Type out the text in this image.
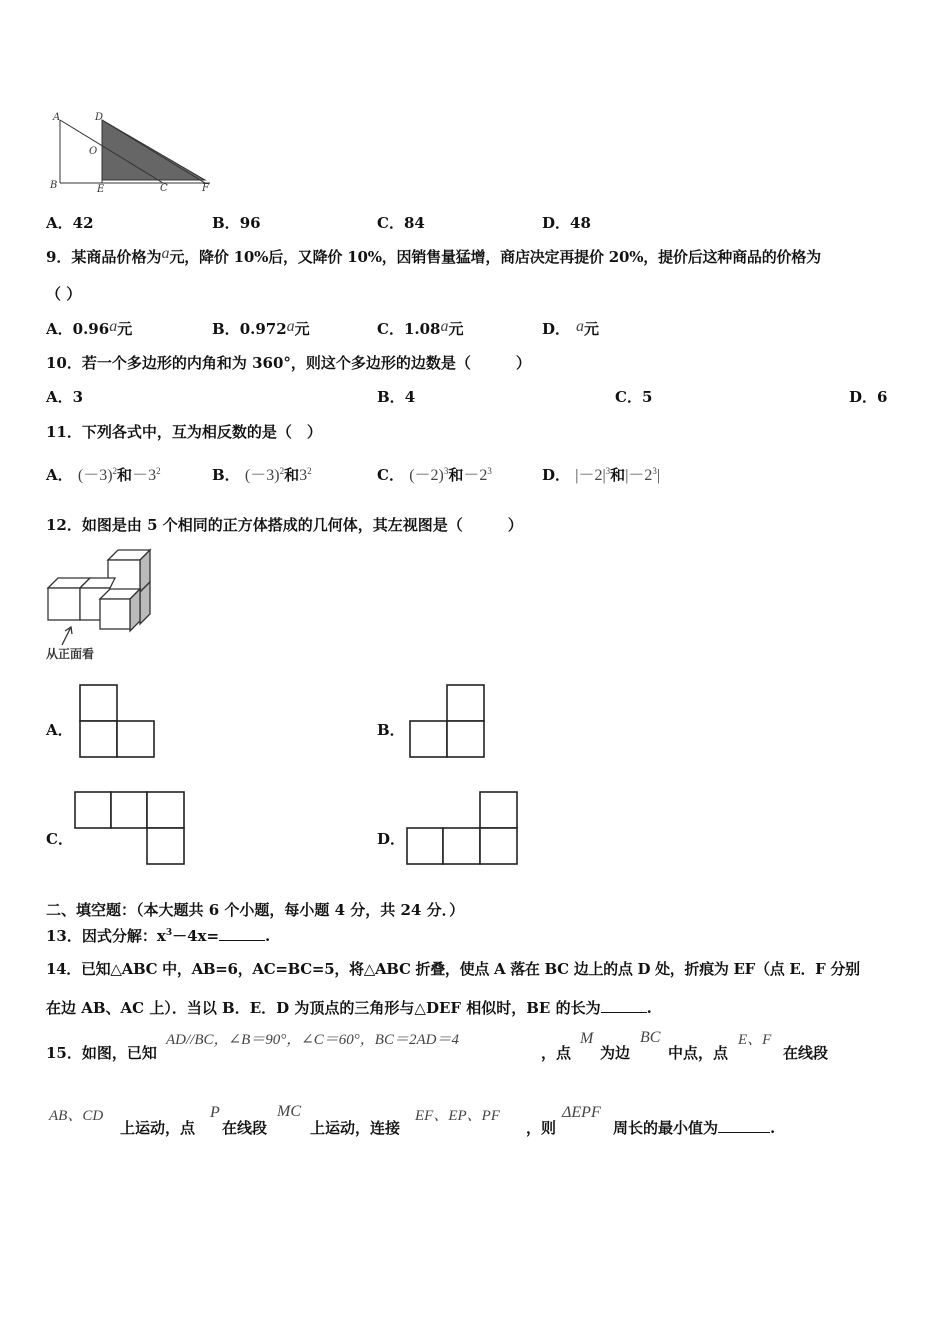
A	D
O
B	E	C	F
A．42	B．96	C．84	D．48
9．某商品价格为a元，降价 10%后，又降价 10%，因销售量猛增，商店决定再提价 20%，提价后这种商品的价格为
（ ）
A．0.96a元	B．0.972a元	C．1.08a元	D． a元
10．若一个多边形的内角和为 360°，则这个多边形的边数是（　　　）
A．3	B．4	C．5	D．6
11．下列各式中，互为相反数的是（　）
A． $(-3)^2$和$-3^2$	B． $(-3)^2$和$3^2$	C． $(-2)^3$和$-2^3$	D． $|-2|^3$和$|-2^3|$
12．如图是由 5 个相同的正方体搭成的几何体，其左视图是（　　　）
从正面看
A．	B．
C．	D．
二、填空题：（本大题共 6 个小题，每小题 4 分，共 24 分．）
13．因式分解：$x^3-4x=$	.
14．已知△ABC 中，AB=6，AC=BC=5，将△ABC 折叠，使点 A 落在 BC 边上的点 D 处，折痕为 EF（点 E．F 分别
在边 AB、AC 上）．当以 B．E．D 为顶点的三角形与△DEF 相似时，BE 的长为	.
15．如图，已知
AD//BC，∠B＝90°，∠C＝60°，BC＝2AD＝4
，点
M
为边
BC
中点，点
E、F
在线段
AB、CD
上运动，点
P
在线段
MC
上运动，连接
EF、EP、PF
，则
ΔEPF
周长的最小值为	.
